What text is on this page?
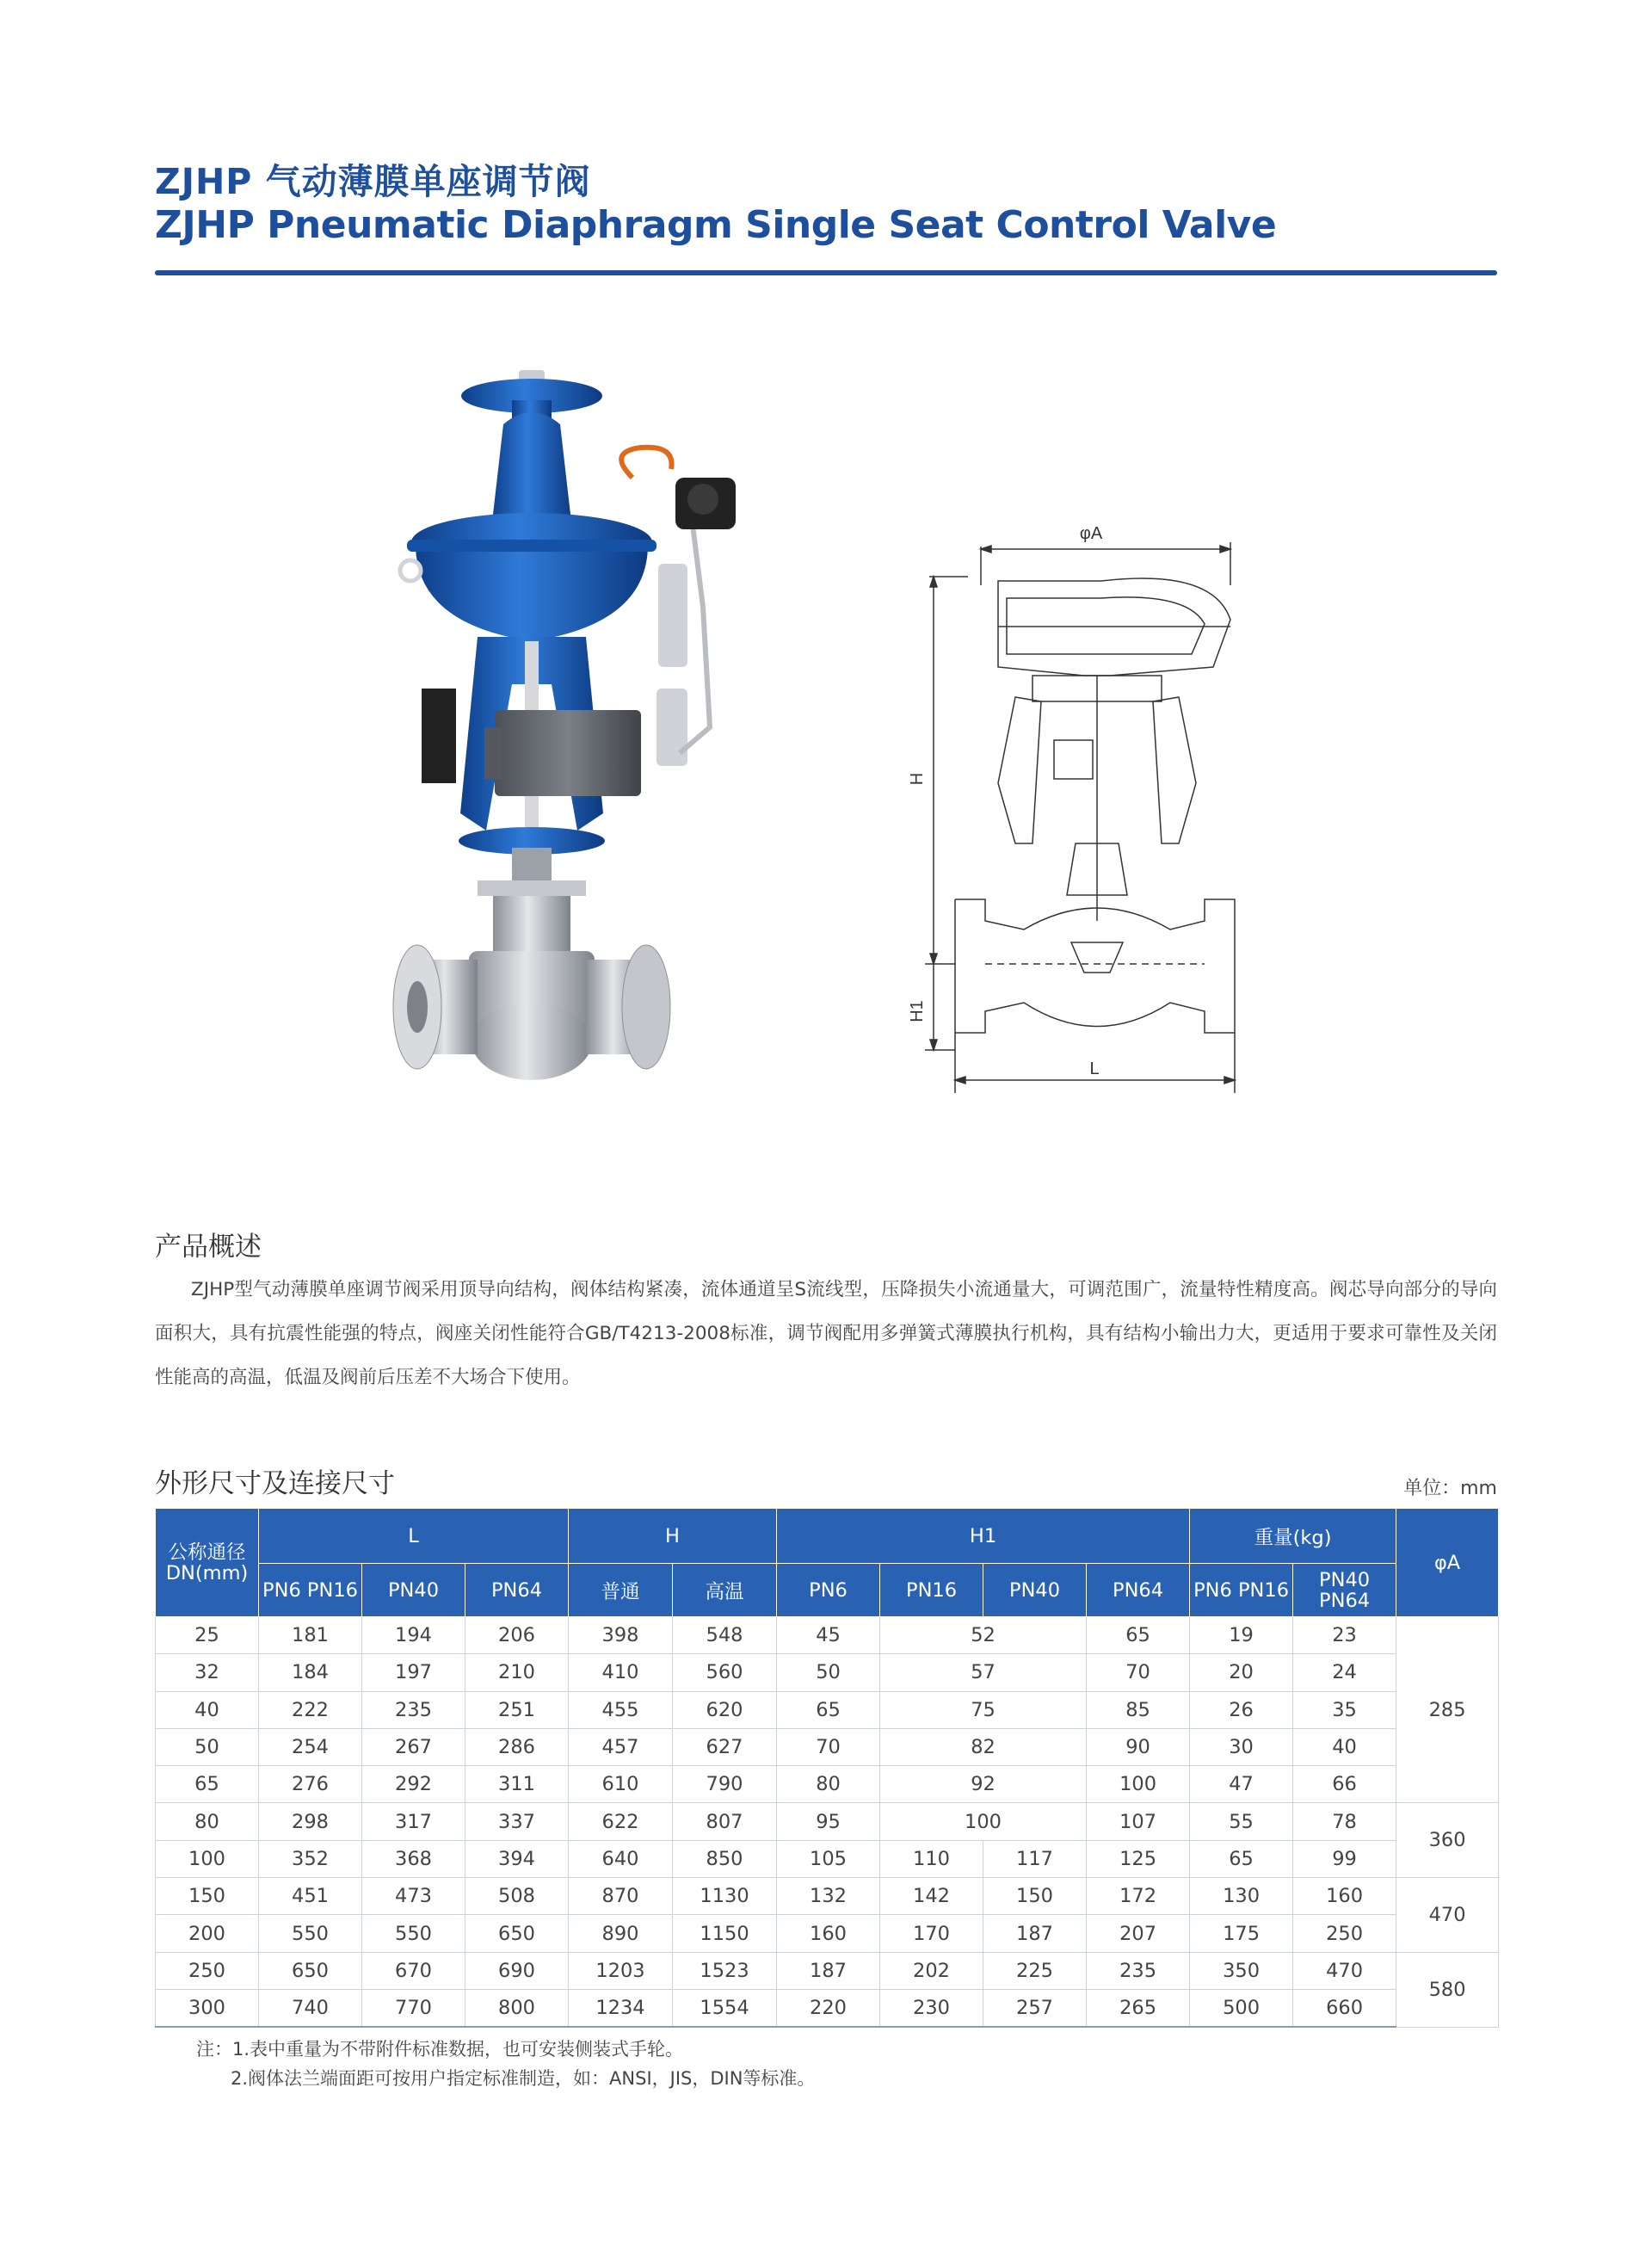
ZJHP 气动薄膜单座调节阀
ZJHP Pneumatic Diaphragm Single Seat Control Valve
φA
H
H1
L
产品概述

ZJHP型气动薄膜单座调节阀采用顶导向结构，阀体结构紧凑，流体通道呈S流线型，压降损失小流通量大，可调范围广，流量特性精度高。阀芯导向部分的导向面积大，具有抗震性能强的特点，阀座关闭性能符合GB/T4213-2008标准，调节阀配用多弹簧式薄膜执行机构，具有结构小输出力大，更适用于要求可靠性及关闭性能高的高温，低温及阀前后压差不大场合下使用。

外形尺寸及连接尺寸	单位：mm
公称通径 DN(mm)	L			H		H1				重量(kg)		φA
	PN6 PN16	PN40	PN64	普通	高温	PN6	PN16	PN40	PN64	PN6 PN16	PN40 PN64	
25	181	194	206	398	548	45	52		65	19	23	285
32	184	197	210	410	560	50	57		70	20	24	
40	222	235	251	455	620	65	75		85	26	35	
50	254	267	286	457	627	70	82		90	30	40	
65	276	292	311	610	790	80	92		100	47	66	
80	298	317	337	622	807	95	100		107	55	78	360
100	352	368	394	640	850	105	110	117	125	65	99	
150	451	473	508	870	1130	132	142	150	172	130	160	470
200	550	550	650	890	1150	160	170	187	207	175	250	
250	650	670	690	1203	1523	187	202	225	235	350	470	580
300	740	770	800	1234	1554	220	230	257	265	500	660	
注：1.表中重量为不带附件标准数据，也可安装侧装式手轮。
2.阀体法兰端面距可按用户指定标准制造，如：ANSI，JIS，DIN等标准。
